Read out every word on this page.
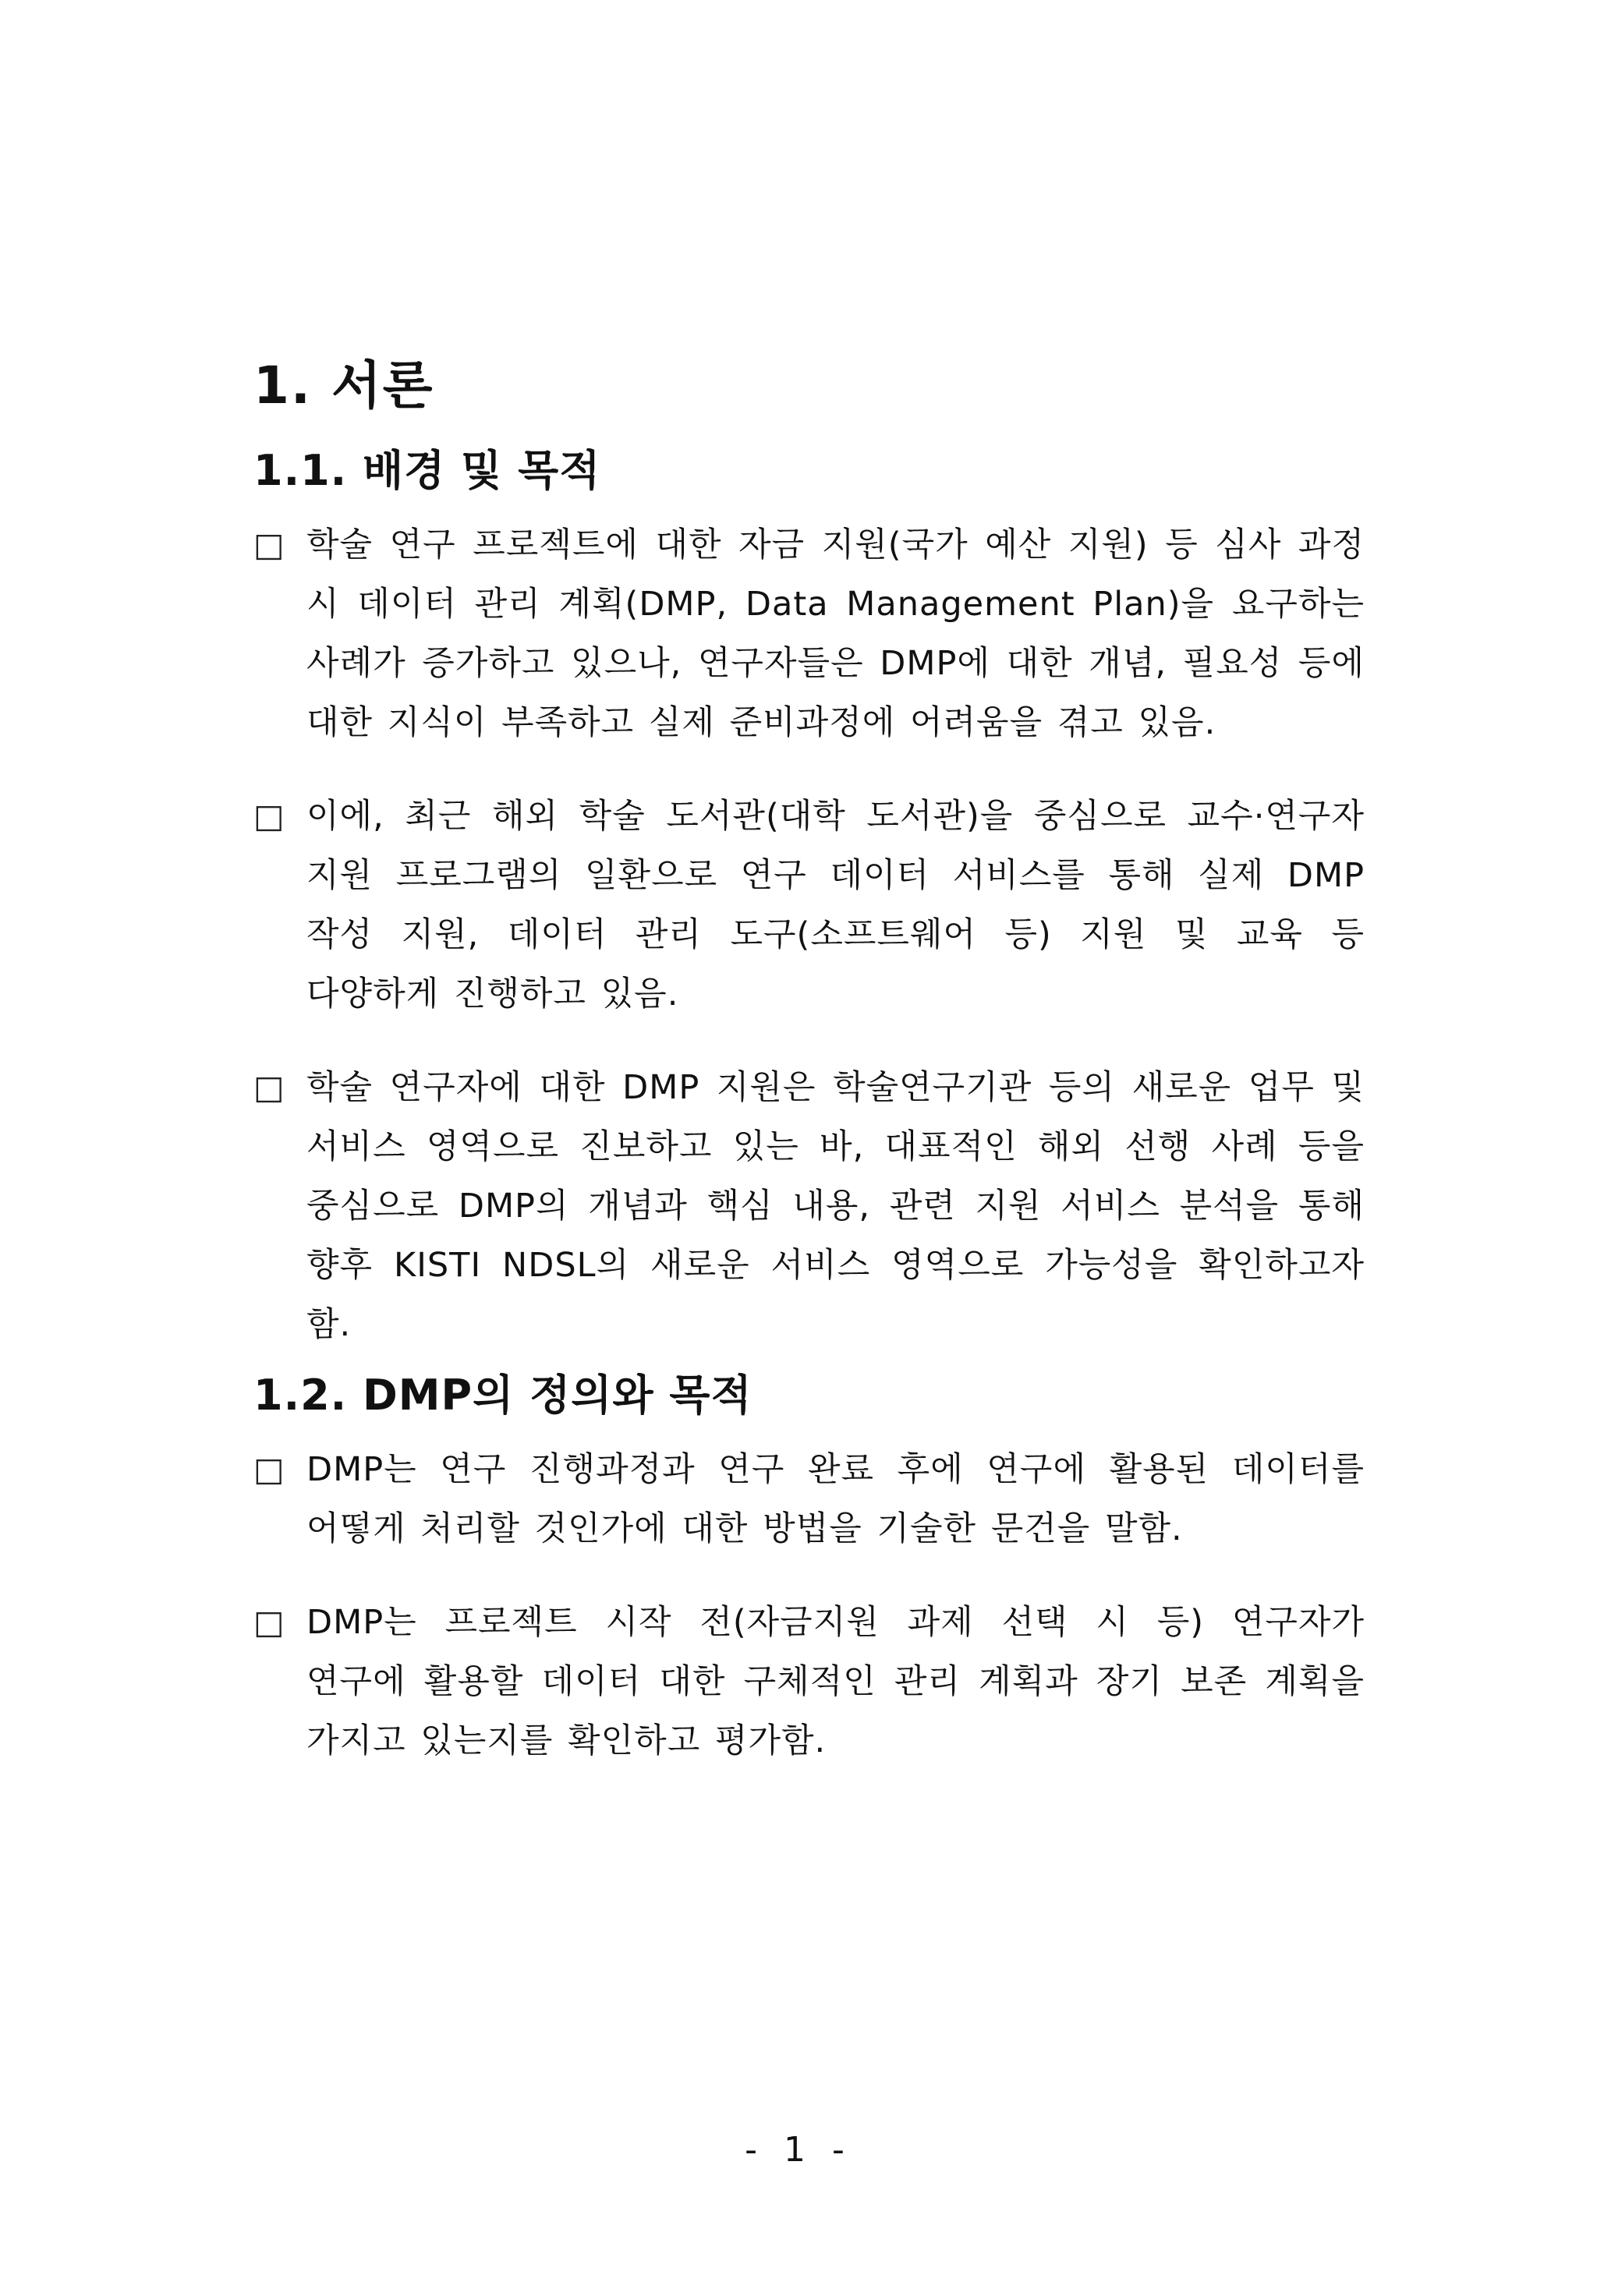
1. 서론
1.1. 배경 및 목적
□ 학술 연구 프로젝트에 대한 자금 지원(국가 예산 지원) 등 심사 과정 시 데이터 관리 계획(DMP, Data Management Plan)을 요구하는 사례가 증가하고 있으나, 연구자들은 DMP에 대한 개념, 필요성 등에 대한 지식이 부족하고 실제 준비과정에 어려움을 겪고 있음.
□ 이에, 최근 해외 학술 도서관(대학 도서관)을 중심으로 교수·연구자 지원 프로그램의 일환으로 연구 데이터 서비스를 통해 실제 DMP 작성 지원, 데이터 관리 도구(소프트웨어 등) 지원 및 교육 등 다양하게 진행하고 있음.
□ 학술 연구자에 대한 DMP 지원은 학술연구기관 등의 새로운 업무 및 서비스 영역으로 진보하고 있는 바, 대표적인 해외 선행 사례 등을 중심으로 DMP의 개념과 핵심 내용, 관련 지원 서비스 분석을 통해 향후 KISTI NDSL의 새로운 서비스 영역으로 가능성을 확인하고자 함.
1.2. DMP의 정의와 목적
□ DMP는 연구 진행과정과 연구 완료 후에 연구에 활용된 데이터를 어떻게 처리할 것인가에 대한 방법을 기술한 문건을 말함.
□ DMP는 프로젝트 시작 전(자금지원 과제 선택 시 등) 연구자가 연구에 활용할 데이터 대한 구체적인 관리 계획과 장기 보존 계획을 가지고 있는지를 확인하고 평가함.
- 1 -
